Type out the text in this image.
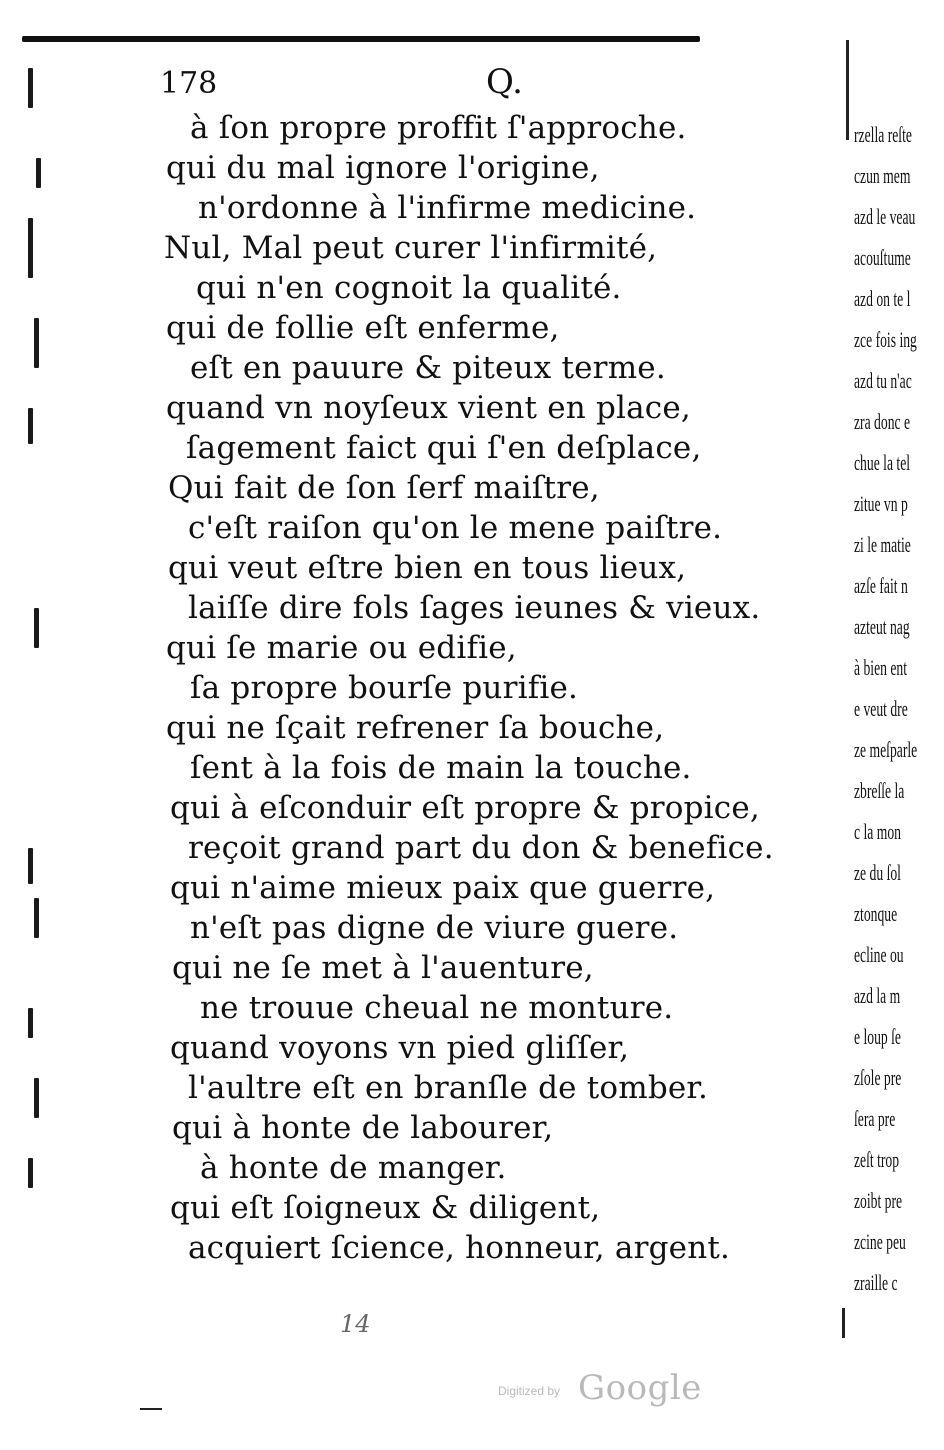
178	Q.
à ſon propre proffit ſ'approche.
qui du mal ignore l'origine,
n'ordonne à l'infirme medicine.
Nul, Mal peut curer l'infirmité,
qui n'en cognoit la qualité.
qui de follie eſt enferme,
eſt en pauure & piteux terme.
quand vn noyſeux vient en place,
ſagement faict qui ſ'en deſplace,
Qui fait de ſon ſerf maiſtre,
c'eſt raiſon qu'on le mene paiſtre.
qui veut eſtre bien en tous lieux,
laiſſe dire fols ſages ieunes & vieux.
qui ſe marie ou edifie,
ſa propre bourſe purifie.
qui ne ſçait refrener ſa bouche,
ſent à la fois de main la touche.
qui à eſconduir eſt propre & propice,
reçoit grand part du don & benefice.
qui n'aime mieux paix que guerre,
n'eſt pas digne de viure guere.
qui ne ſe met à l'auenture,
ne trouue cheual ne monture.
quand voyons vn pied gliſſer,
l'aultre eſt en branſle de tomber.
qui à honte de labourer,
à honte de manger.
qui eſt ſoigneux & diligent,
acquiert ſcience, honneur, argent.
14
rzella reſte
czun mem
azd le veau
acouſtume
azd on te l
zce fois ing
azd tu n'ac
zra donc e
chue la tel
zitue vn p
zi le matie
azſe fait n
azteut nag
à bien ent
e veut dre
ze meſparle
zbreſſe la
c la mon
ze du ſol
ztonque
ecline ou
azd la m
e loup ſe
zſole pre
ſera pre
zeſt trop
zoibt pre
zcine peu
zraille c
Digitized by Google
